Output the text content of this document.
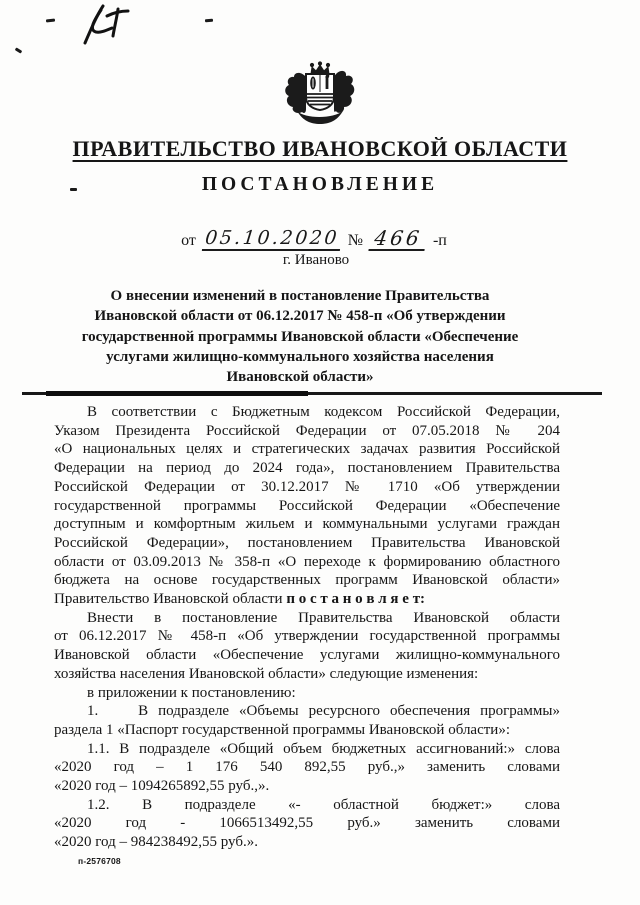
ПРАВИТЕЛЬСТВО ИВАНОВСКОЙ ОБЛАСТИ
ПОСТАНОВЛЕНИЕ
от 05.10.2020 № 466 -п
г. Иваново
О внесении изменений в постановление Правительства
Ивановской области от 06.12.2017 № 458-п «Об утверждении
государственной программы Ивановской области «Обеспечение
услугами жилищно-коммунального хозяйства населения
Ивановской области»
В соответствии с Бюджетным кодексом Российской Федерации,
Указом Президента Российской Федерации от 07.05.2018 № 204
«О национальных целях и стратегических задачах развития Российской
Федерации на период до 2024 года», постановлением Правительства
Российской Федерации от 30.12.2017 № 1710 «Об утверждении
государственной программы Российской Федерации «Обеспечение
доступным и комфортным жильем и коммунальными услугами граждан
Российской Федерации», постановлением Правительства Ивановской
области от 03.09.2013 № 358-п «О переходе к формированию областного
бюджета на основе государственных программ Ивановской области»
Правительство Ивановской области п о с т а н о в л я е т:
Внести в постановление Правительства Ивановской области
от 06.12.2017 № 458-п «Об утверждении государственной программы
Ивановской области «Обеспечение услугами жилищно-коммунального
хозяйства населения Ивановской области» следующие изменения:
в приложении к постановлению:
1.    В подразделе «Объемы ресурсного обеспечения программы»
раздела 1 «Паспорт государственной программы Ивановской области»:
1.1. В подразделе «Общий объем бюджетных ассигнований:» слова
«2020 год – 1 176 540 892,55 руб.,» заменить словами
«2020 год – 1094265892,55 руб.,».
1.2. В подразделе «- областной бюджет:» слова
«2020 год - 1066513492,55 руб.» заменить словами
«2020 год – 984238492,55 руб.».
п-2576708
